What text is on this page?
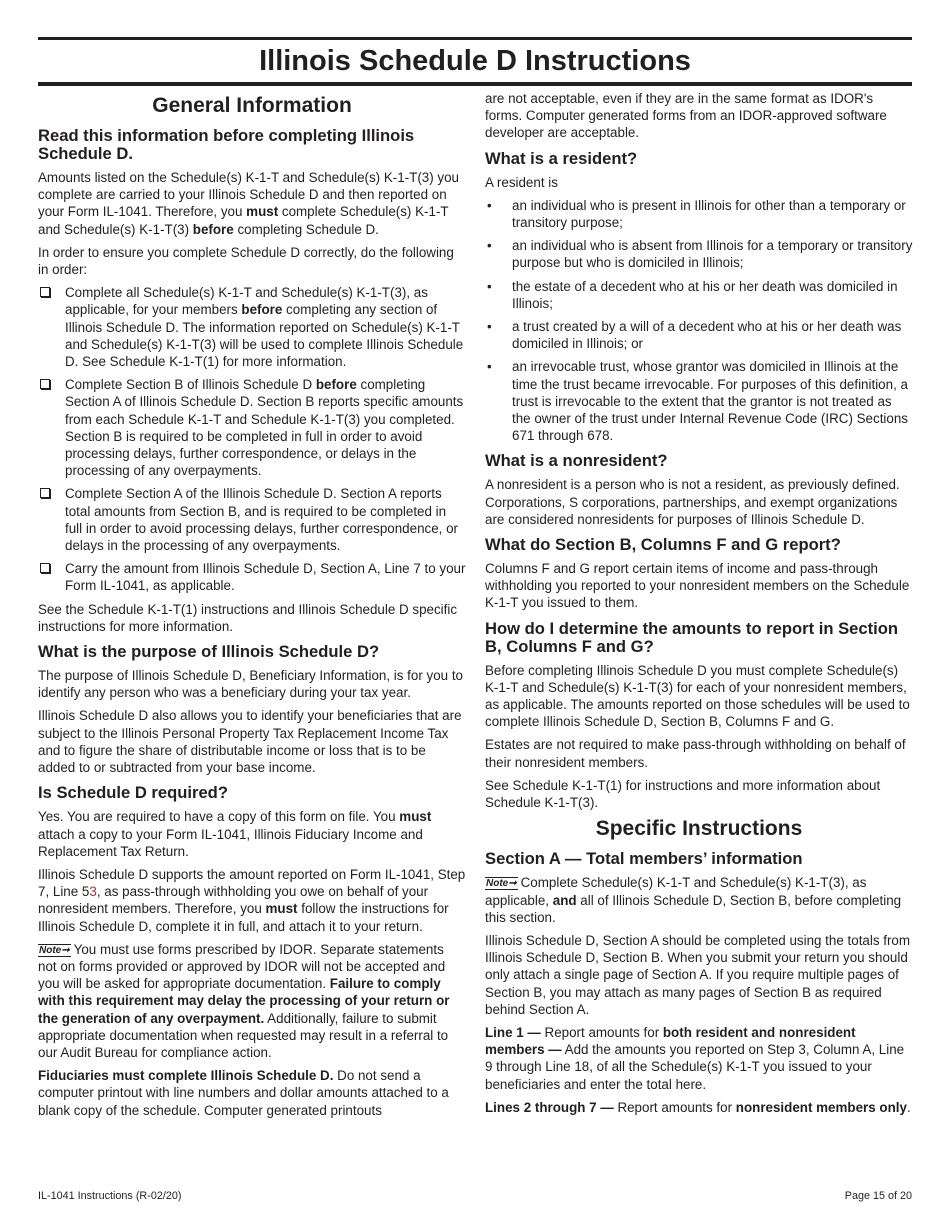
Illinois Schedule D Instructions
General Information
Read this information before completing Illinois Schedule D.

Amounts listed on the Schedule(s) K-1-T and Schedule(s) K-1-T(3) you complete are carried to your Illinois Schedule D and then reported on your Form IL-1041. Therefore, you must complete Schedule(s) K-1-T and Schedule(s) K-1-T(3) before completing Schedule D.

In order to ensure you complete Schedule D correctly, do the following in order:

Complete all Schedule(s) K-1-T and Schedule(s) K-1-T(3), as applicable, for your members before completing any section of Illinois Schedule D. The information reported on Schedule(s) K-1-T and Schedule(s) K-1-T(3) will be used to complete Illinois Schedule D. See Schedule K-1-T(1) for more information.
Complete Section B of Illinois Schedule D before completing Section A of Illinois Schedule D. Section B reports specific amounts from each Schedule K-1-T and Schedule K-1-T(3) you completed. Section B is required to be completed in full in order to avoid processing delays, further correspondence, or delays in the processing of any overpayments.
Complete Section A of the Illinois Schedule D. Section A reports total amounts from Section B, and is required to be completed in full in order to avoid processing delays, further correspondence, or delays in the processing of any overpayments.
Carry the amount from Illinois Schedule D, Section A, Line 7 to your Form IL-1041, as applicable.

See the Schedule K-1-T(1) instructions and Illinois Schedule D specific instructions for more information.

What is the purpose of Illinois Schedule D?

The purpose of Illinois Schedule D, Beneficiary Information, is for you to identify any person who was a beneficiary during your tax year.

Illinois Schedule D also allows you to identify your beneficiaries that are subject to the Illinois Personal Property Tax Replacement Income Tax and to figure the share of distributable income or loss that is to be added to or subtracted from your base income.

Is Schedule D required?

Yes. You are required to have a copy of this form on file. You must attach a copy to your Form IL-1041, Illinois Fiduciary Income and Replacement Tax Return.

Illinois Schedule D supports the amount reported on Form IL-1041, Step 7, Line 53, as pass-through withholding you owe on behalf of your nonresident members. Therefore, you must follow the instructions for Illinois Schedule D, complete it in full, and attach it to your return.

Note➞ You must use forms prescribed by IDOR. Separate statements not on forms provided or approved by IDOR will not be accepted and you will be asked for appropriate documentation. Failure to comply with this requirement may delay the processing of your return or the generation of any overpayment. Additionally, failure to submit appropriate documentation when requested may result in a referral to our Audit Bureau for compliance action.

Fiduciaries must complete Illinois Schedule D. Do not send a computer printout with line numbers and dollar amounts attached to a blank copy of the schedule. Computer generated printouts

are not acceptable, even if they are in the same format as IDOR's forms. Computer generated forms from an IDOR-approved software developer are acceptable.

What is a resident?

A resident is

• an individual who is present in Illinois for other than a temporary or transitory purpose;
• an individual who is absent from Illinois for a temporary or transitory purpose but who is domiciled in Illinois;
• the estate of a decedent who at his or her death was domiciled in Illinois;
• a trust created by a will of a decedent who at his or her death was domiciled in Illinois; or
• an irrevocable trust, whose grantor was domiciled in Illinois at the time the trust became irrevocable. For purposes of this definition, a trust is irrevocable to the extent that the grantor is not treated as the owner of the trust under Internal Revenue Code (IRC) Sections 671 through 678.
What is a nonresident?

A nonresident is a person who is not a resident, as previously defined. Corporations, S corporations, partnerships, and exempt organizations are considered nonresidents for purposes of Illinois Schedule D.

What do Section B, Columns F and G report?

Columns F and G report certain items of income and pass-through withholding you reported to your nonresident members on the Schedule K-1-T you issued to them.

How do I determine the amounts to report in Section B, Columns F and G?

Before completing Illinois Schedule D you must complete Schedule(s) K-1-T and Schedule(s) K-1-T(3) for each of your nonresident members, as applicable. The amounts reported on those schedules will be used to complete Illinois Schedule D, Section B, Columns F and G.

Estates are not required to make pass-through withholding on behalf of their nonresident members.

See Schedule K-1-T(1) for instructions and more information about Schedule K-1-T(3).

Specific Instructions
Section A — Total members’ information

Note➞ Complete Schedule(s) K-1-T and Schedule(s) K-1-T(3), as applicable, and all of Illinois Schedule D, Section B, before completing this section.

Illinois Schedule D, Section A should be completed using the totals from Illinois Schedule D, Section B. When you submit your return you should only attach a single page of Section A. If you require multiple pages of Section B, you may attach as many pages of Section B as required behind Section A.

Line 1 — Report amounts for both resident and nonresident members — Add the amounts you reported on Step 3, Column A, Line 9 through Line 18, of all the Schedule(s) K-1-T you issued to your beneficiaries and enter the total here.

Lines 2 through 7 — Report amounts for nonresident members only.

IL-1041 Instructions (R-02/20)	Page 15 of 20
